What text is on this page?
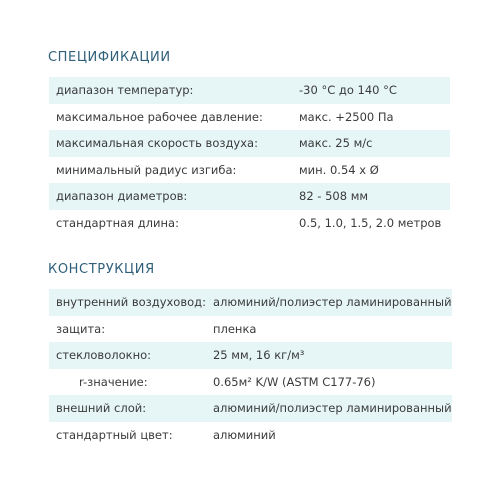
СПЕЦИФИКАЦИИ
диапазон температур:	-30 °C до 140 °C
максимальное рабочее давление:	макс. +2500 Па
максимальная скорость воздуха:	макс. 25 м/с
минимальный радиус изгиба:	мин. 0.54 x Ø
диапазон диаметров:	82 - 508 мм
стандартная длина:	0.5, 1.0, 1.5, 2.0 метров
КОНСТРУКЦИЯ
внутренний воздуховод:	алюминий/полиэстер ламинированный
защита:	пленка
стекловолокно:	25 мм, 16 кг/м³
r-значение:	0.65м² K/W (ASTM C177-76)
внешний слой:	алюминий/полиэстер ламинированный
стандартный цвет:	алюминий
